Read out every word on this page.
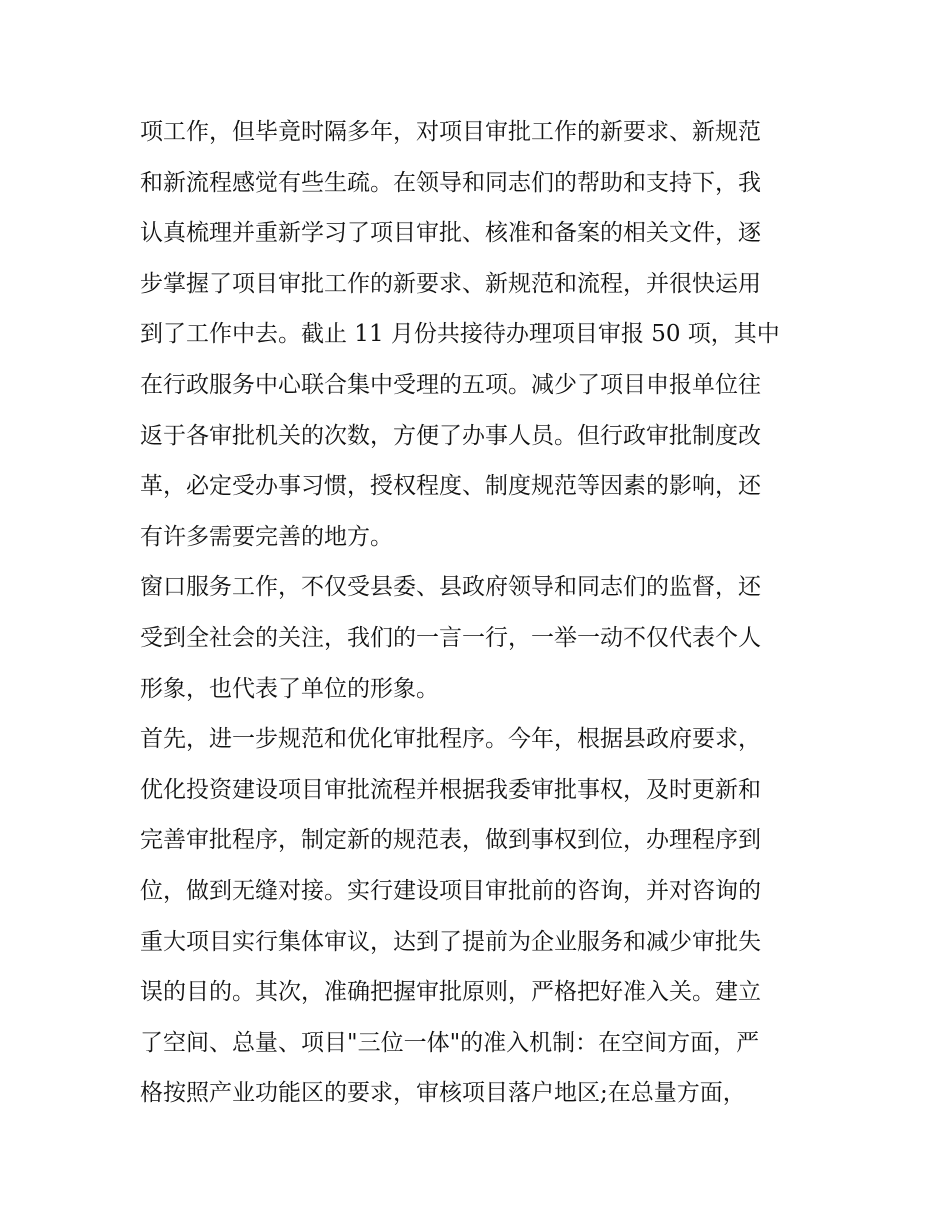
项工作，但毕竟时隔多年，对项目审批工作的新要求、新规范
和新流程感觉有些生疏。在领导和同志们的帮助和支持下，我
认真梳理并重新学习了项目审批、核准和备案的相关文件，逐
步掌握了项目审批工作的新要求、新规范和流程，并很快运用
到了工作中去。截止 11 月份共接待办理项目审报 50 项，其中
在行政服务中心联合集中受理的五项。减少了项目申报单位往
返于各审批机关的次数，方便了办事人员。但行政审批制度改
革，必定受办事习惯，授权程度、制度规范等因素的影响，还
有许多需要完善的地方。
窗口服务工作，不仅受县委、县政府领导和同志们的监督，还
受到全社会的关注，我们的一言一行，一举一动不仅代表个人
形象，也代表了单位的形象。
首先，进一步规范和优化审批程序。今年，根据县政府要求，
优化投资建设项目审批流程并根据我委审批事权，及时更新和
完善审批程序，制定新的规范表，做到事权到位，办理程序到
位，做到无缝对接。实行建设项目审批前的咨询，并对咨询的
重大项目实行集体审议，达到了提前为企业服务和减少审批失
误的目的。其次，准确把握审批原则，严格把好准入关。建立
了空间、总量、项目"三位一体"的准入机制：在空间方面，严
格按照产业功能区的要求，审核项目落户地区;在总量方面，
